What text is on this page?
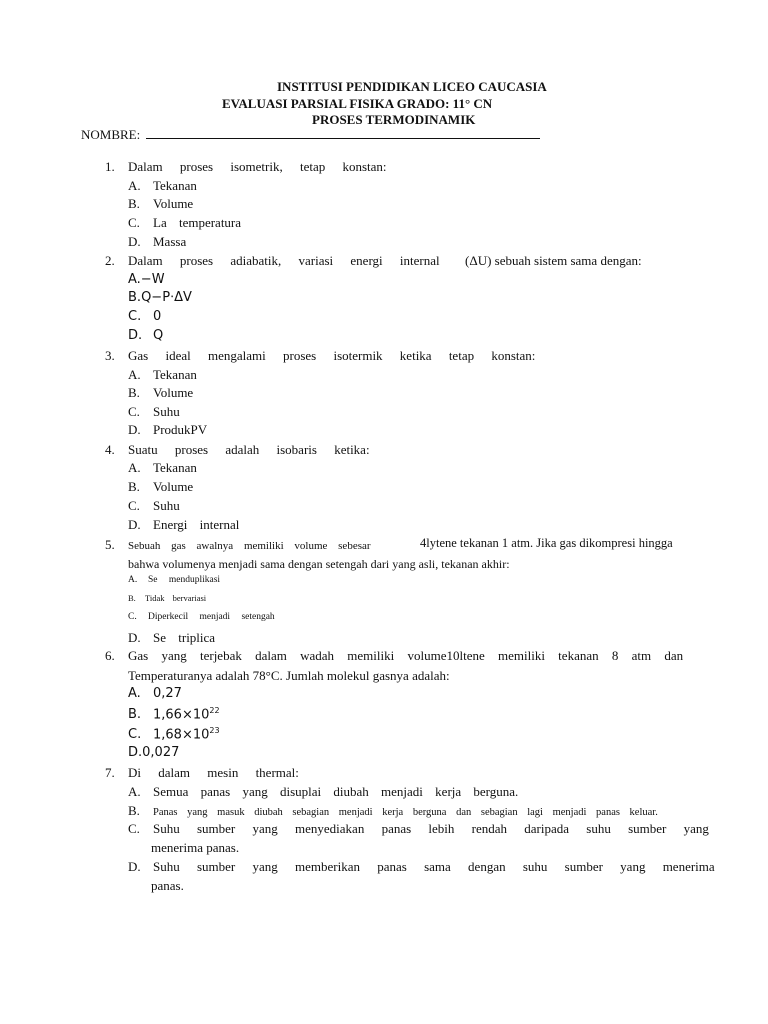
INSTITUSI PENDIDIKAN LICEO CAUCASIA
EVALUASI PARSIAL FISIKA GRADO: 11° CN
PROSES TERMODINAMIK
NOMBRE:
1. Dalam proses isometrik, tetap konstan:
A. Tekanan
B. Volume
C. La temperatura
D. Massa
2. Dalam proses adiabatik, variasi energi internal (ΔU) sebuah sistem sama dengan:
A.−W
B.Q−P⋅ΔV
C. 0
D. Q
3. Gas ideal mengalami proses isotermik ketika tetap konstan:
A. Tekanan
B. Volume
C. Suhu
D. ProdukPV
4. Suatu proses adalah isobaris ketika:
A. Tekanan
B. Volume
C. Suhu
D. Energi internal
5. Sebuah gas awalnya memiliki volume sebesar	4lytene tekanan 1 atm. Jika gas dikompresi hingga
bahwa volumenya menjadi sama dengan setengah dari yang asli, tekanan akhir:
A. Se menduplikasi
B. Tidak bervariasi
C. Diperkecil menjadi setengah
D. Se triplica
6. Gas yang terjebak dalam wadah memiliki volume10ltene memiliki tekanan 8 atm dan
Temperaturanya adalah 78°C. Jumlah molekul gasnya adalah:
A. 0,27
B. $1,66\times 10^{22}$
C. $1,68\times 10^{23}$
D.0,027
7. Di dalam mesin thermal:
A. Semua panas yang disuplai diubah menjadi kerja berguna.
B. Panas yang masuk diubah sebagian menjadi kerja berguna dan sebagian lagi menjadi panas keluar.
C. Suhu sumber yang menyediakan panas lebih rendah daripada suhu sumber yang
menerima panas.
D. Suhu sumber yang memberikan panas sama dengan suhu sumber yang menerima
panas.
